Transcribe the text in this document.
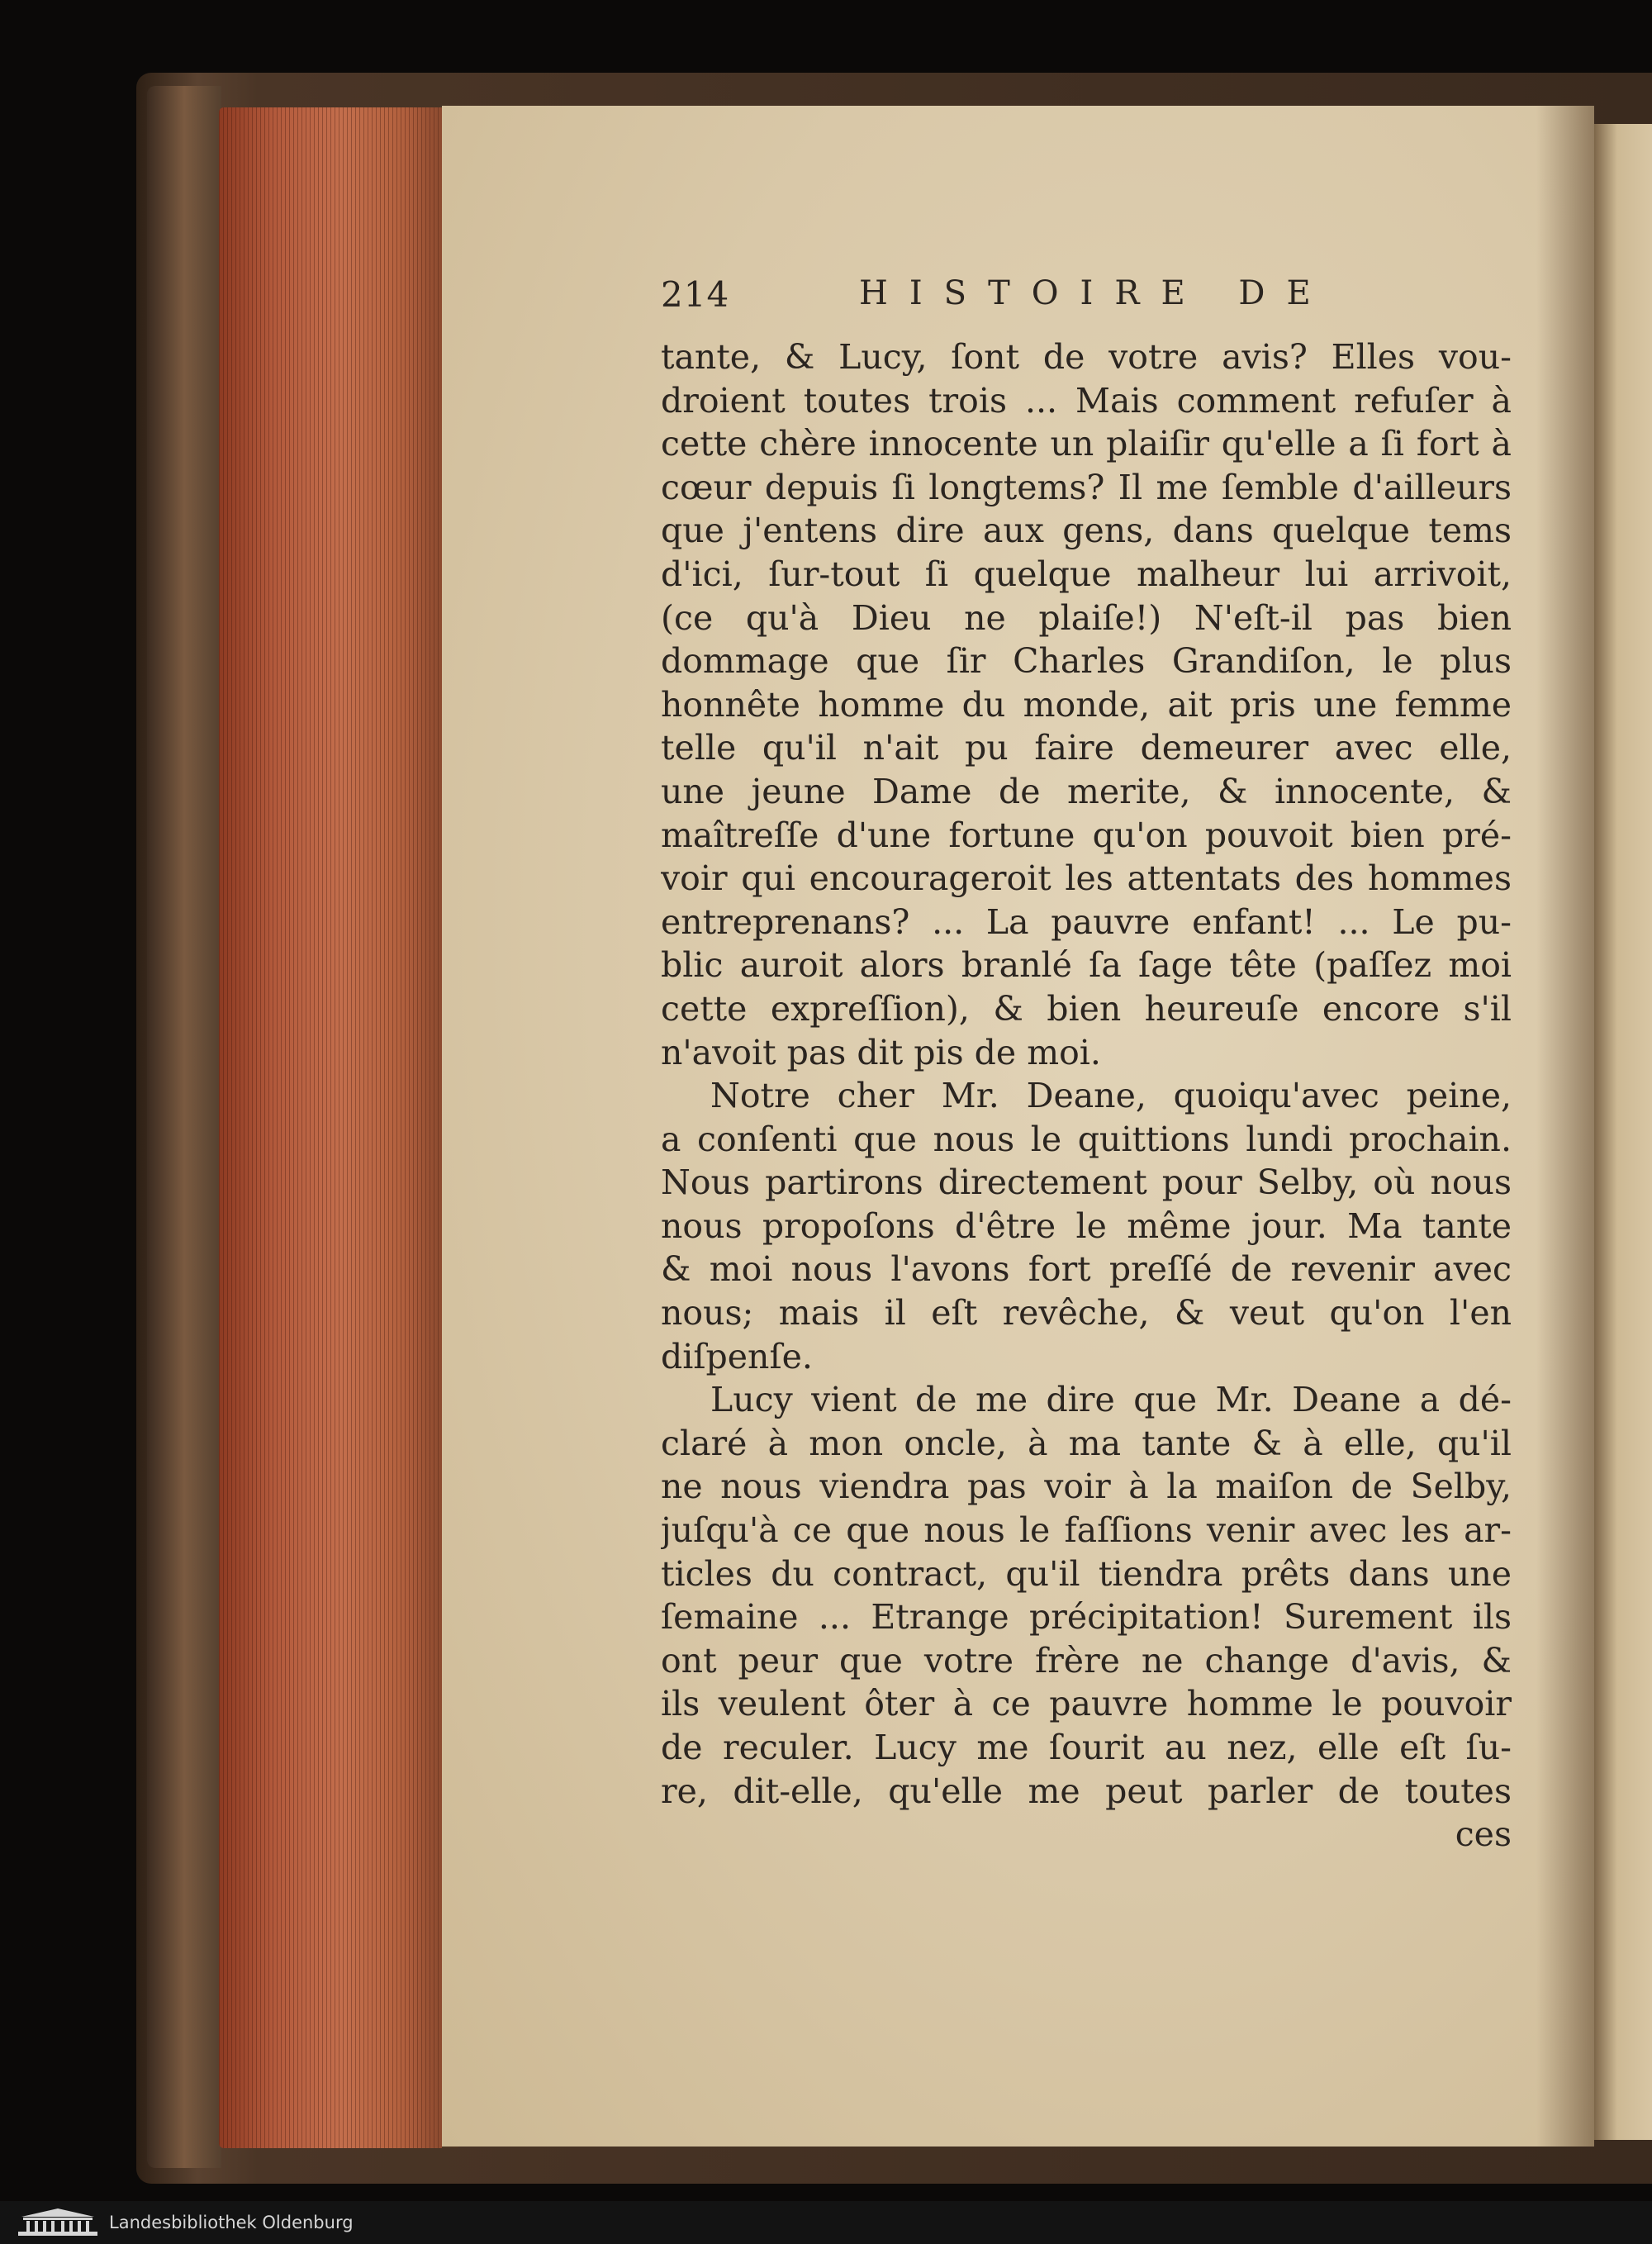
214	HISTOIRE DE
tante, & Lucy, ſont de votre avis? Elles vou-
droient toutes trois ... Mais comment refuſer à
cette chère innocente un plaiſir qu'elle a ſi fort à
cœur depuis ſi longtems? Il me ſemble d'ailleurs
que j'entens dire aux gens, dans quelque tems
d'ici, ſur-tout ſi quelque malheur lui arrivoit,
(ce qu'à Dieu ne plaiſe!) N'eſt-il pas bien
dommage que ſir Charles Grandiſon, le plus
honnête homme du monde, ait pris une femme
telle qu'il n'ait pu faire demeurer avec elle,
une jeune Dame de merite, & innocente, &
maîtreſſe d'une fortune qu'on pouvoit bien pré-
voir qui encourageroit les attentats des hommes
entreprenans? ... La pauvre enfant! ... Le pu-
blic auroit alors branlé ſa ſage tête (paſſez moi
cette expreſſion), & bien heureuſe encore s'il
n'avoit pas dit pis de moi.
Notre cher Mr. Deane, quoiqu'avec peine,
a conſenti que nous le quittions lundi prochain.
Nous partirons directement pour Selby, où nous
nous propoſons d'être le même jour. Ma tante
& moi nous l'avons fort preſſé de revenir avec
nous; mais il eſt revêche, & veut qu'on l'en
diſpenſe.
Lucy vient de me dire que Mr. Deane a dé-
claré à mon oncle, à ma tante & à elle, qu'il
ne nous viendra pas voir à la maiſon de Selby,
juſqu'à ce que nous le faſſions venir avec les ar-
ticles du contract, qu'il tiendra prêts dans une
ſemaine ... Etrange précipitation! Surement ils
ont peur que votre frère ne change d'avis, &
ils veulent ôter à ce pauvre homme le pouvoir
de reculer. Lucy me ſourit au nez, elle eſt ſu-
re, dit-elle, qu'elle me peut parler de toutes
ces
Landesbibliothek Oldenburg
